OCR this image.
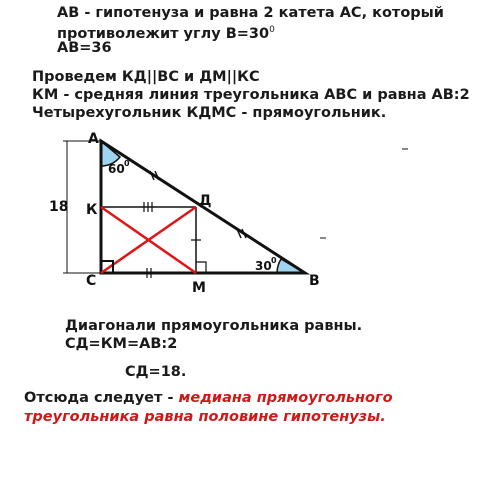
АВ - гипотенуза и равна 2 катета АС, который
противолежит углу $В=30^0$
АВ=36
Проведем КД||ВС и ДМ||КС
КМ - средняя линия треугольника АВС и равна АВ:2
Четырехугольник КДМС - прямоугольник.
А
В
С
К
Д
М
60 0
30 0
18
Диагонали прямоугольника равны.
СД=КМ=АВ:2
СД=18.
Отсюда следует - медиана прямоугольного
треугольника равна половине гипотенузы.
